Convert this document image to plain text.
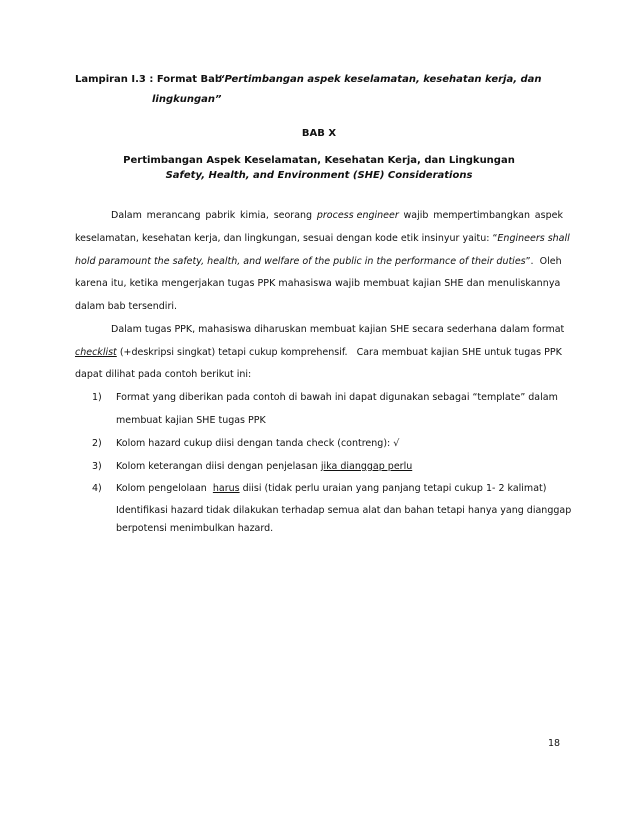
Lampiran I.3 : Format Bab
“Pertimbangan aspek keselamatan, kesehatan kerja, dan
lingkungan”
BAB X
Pertimbangan Aspek Keselamatan, Kesehatan Kerja, dan Lingkungan
Safety, Health, and Environment (SHE) Considerations
Dalam merancang pabrik kimia, seorang process engineer wajib mempertimbangkan aspek
keselamatan, kesehatan kerja, dan lingkungan, sesuai dengan kode etik insinyur yaitu: “Engineers shall
hold paramount the safety, health, and welfare of the public in the performance of their duties”. Oleh
karena itu, ketika mengerjakan tugas PPK mahasiswa wajib membuat kajian SHE dan menuliskannya
dalam bab tersendiri.
Dalam tugas PPK, mahasiswa diharuskan membuat kajian SHE secara sederhana dalam format
checklist (+deskripsi singkat) tetapi cukup komprehensif. Cara membuat kajian SHE untuk tugas PPK
dapat dilihat pada contoh berikut ini:
1) Format yang diberikan pada contoh di bawah ini dapat digunakan sebagai “template” dalam
membuat kajian SHE tugas PPK
2) Kolom hazard cukup diisi dengan tanda check (contreng): √
3) Kolom keterangan diisi dengan penjelasan jika dianggap perlu
4) Kolom pengelolaan harus diisi (tidak perlu uraian yang panjang tetapi cukup 1- 2 kalimat)
Identifikasi hazard tidak dilakukan terhadap semua alat dan bahan tetapi hanya yang dianggap
berpotensi menimbulkan hazard.
18
